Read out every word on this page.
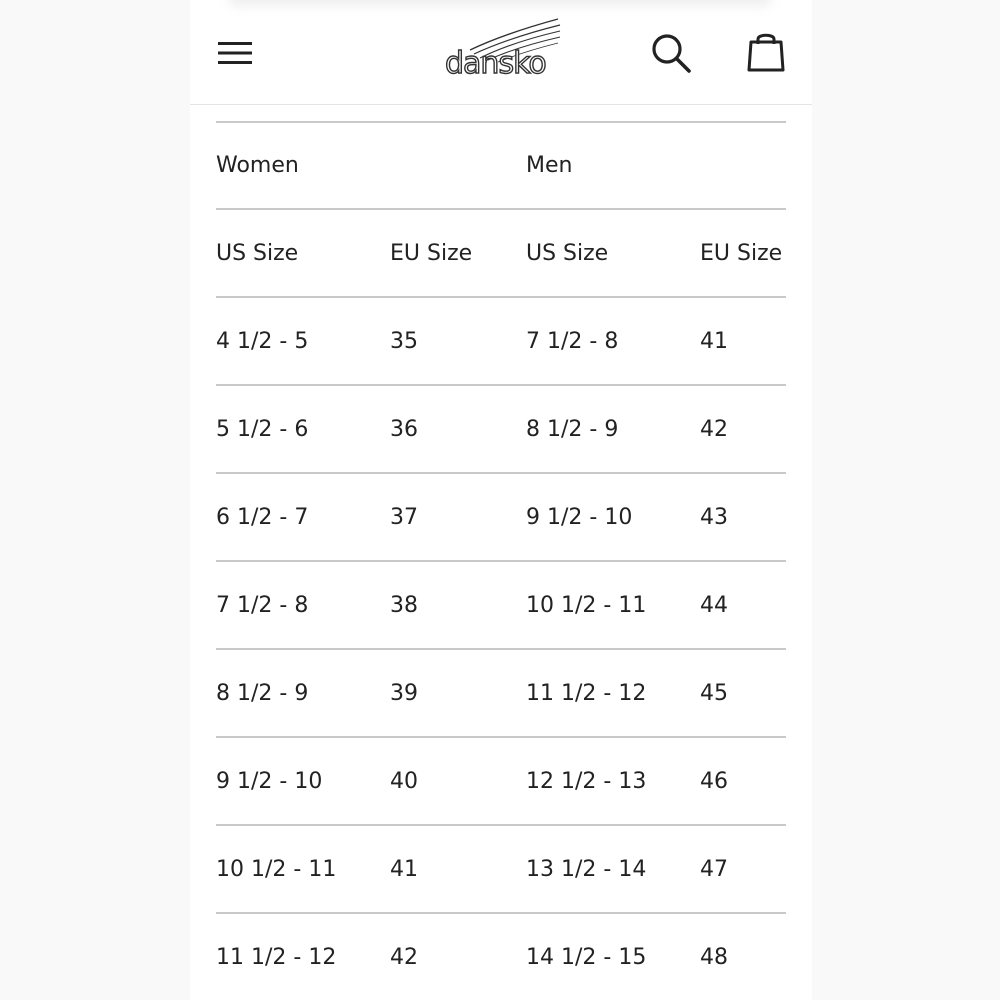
dansko
Women		Men	
US Size	EU Size	US Size	EU Size
4 1/2 - 5	35	7 1/2 - 8	41
5 1/2 - 6	36	8 1/2 - 9	42
6 1/2 - 7	37	9 1/2 - 10	43
7 1/2 - 8	38	10 1/2 - 11	44
8 1/2 - 9	39	11 1/2 - 12	45
9 1/2 - 10	40	12 1/2 - 13	46
10 1/2 - 11	41	13 1/2 - 14	47
11 1/2 - 12	42	14 1/2 - 15	48
